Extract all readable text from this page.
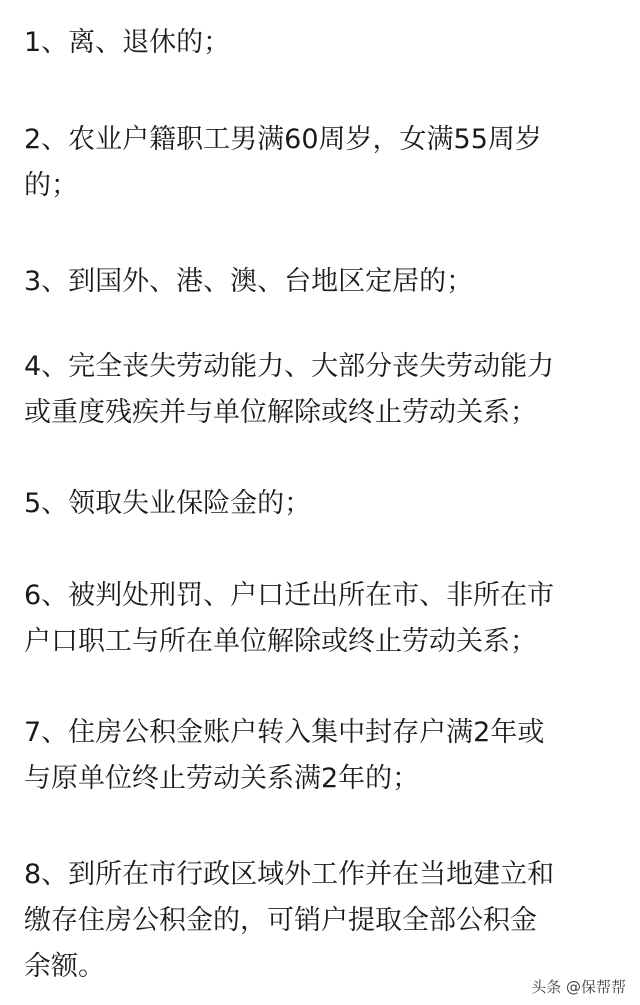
1、离、退休的；

2、农业户籍职工男满60周岁，女满55周岁
的；

3、到国外、港、澳、台地区定居的；

4、完全丧失劳动能力、大部分丧失劳动能力
或重度残疾并与单位解除或终止劳动关系；

5、领取失业保险金的；

6、被判处刑罚、户口迁出所在市、非所在市
户口职工与所在单位解除或终止劳动关系；

7、住房公积金账户转入集中封存户满2年或
与原单位终止劳动关系满2年的；

8、到所在市行政区域外工作并在当地建立和
缴存住房公积金的，可销户提取全部公积金
余额。

头条 @保帮帮
